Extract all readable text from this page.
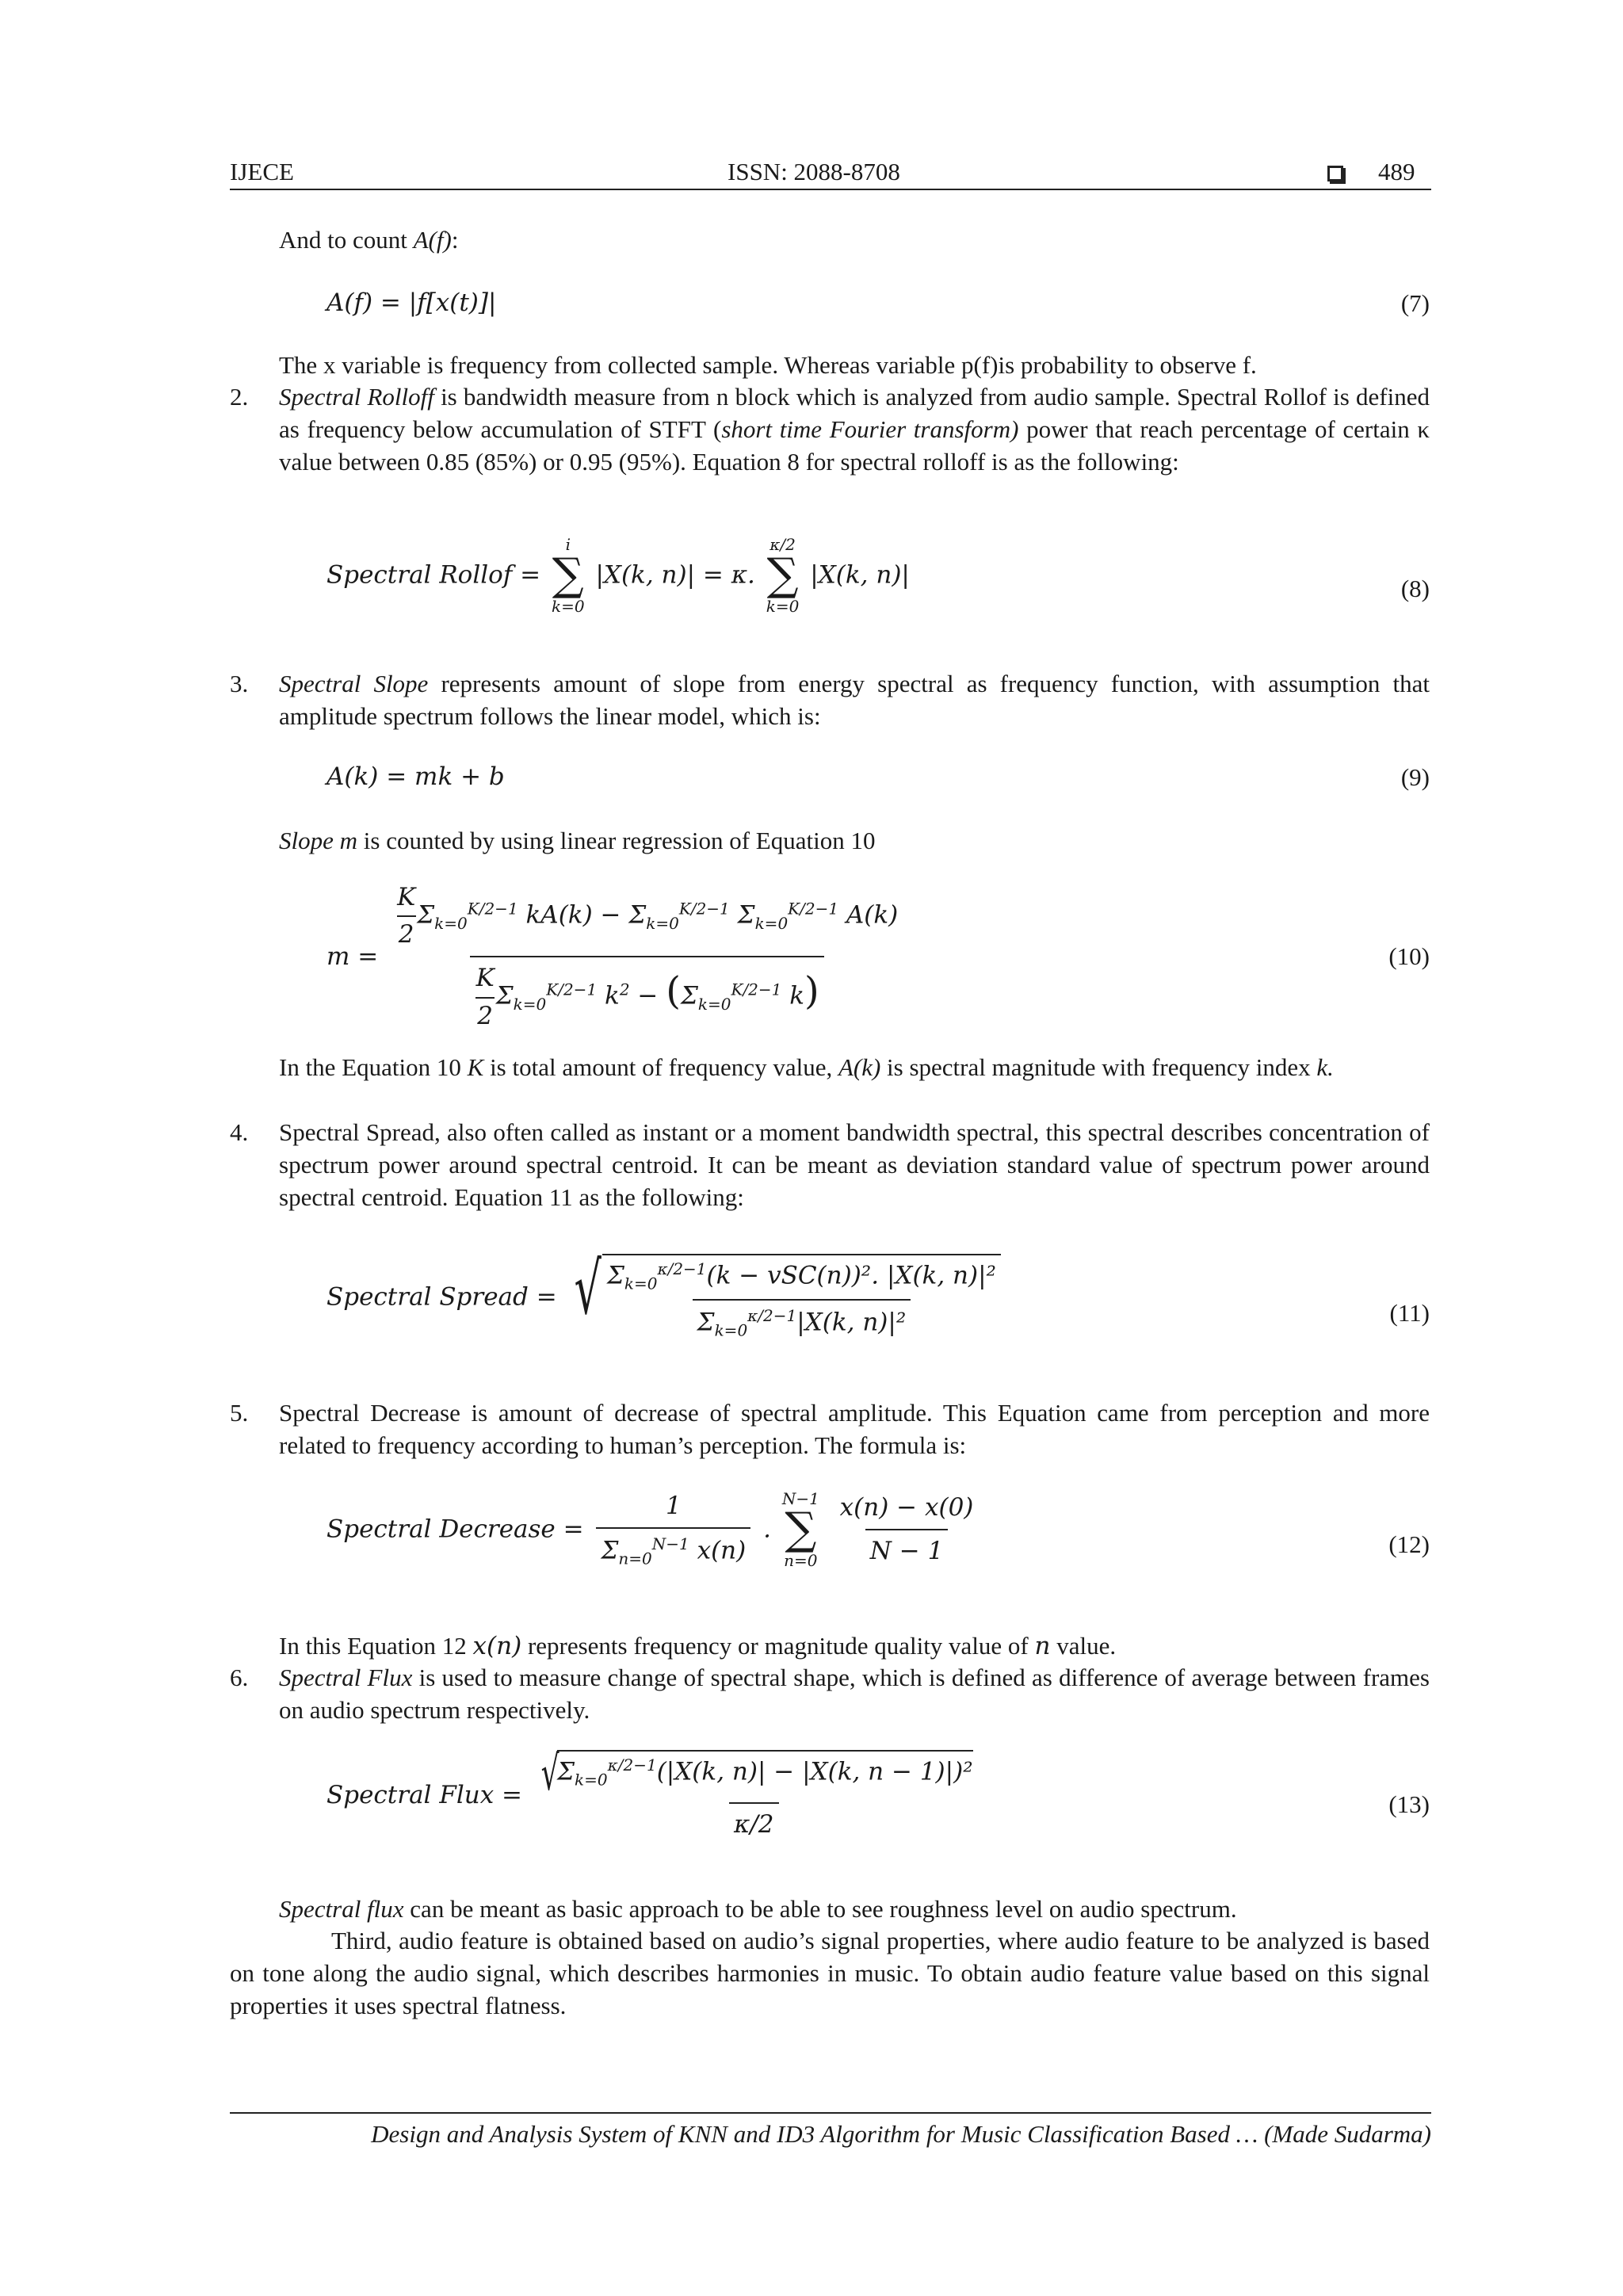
IJECE	ISSN: 2088-8708	489
And to count A(f):
A(f) = |f[x(t)]|	(7)
The x variable is frequency from collected sample. Whereas variable p(f)is probability to observe f.
2. Spectral Rolloff is bandwidth measure from n block which is analyzed from audio sample. Spectral Rollof is defined as frequency below accumulation of STFT (short time Fourier transform) power that reach percentage of certain κ value between 0.85 (85%) or 0.95 (95%). Equation 8 for spectral rolloff is as the following:
Spectral Rollof =
i
∑
k=0
|X(k, n)| = κ.
κ/2
∑
k=0
|X(k, n)|	(8)
3. Spectral Slope represents amount of slope from energy spectral as frequency function, with assumption that amplitude spectrum follows the linear model, which is:
A(k) = mk + b	(9)
Slope m is counted by using linear regression of Equation 10
$m = \frac{\frac{K}{2} \Sigma_{k=0}^{K/2-1} kA(k) - \Sigma_{k=0}^{K/2-1} \Sigma_{k=0}^{K/2-1} A(k)}{\frac{K}{2} \Sigma_{k=0}^{K/2-1} k^2 - (\Sigma_{k=0}^{K/2-1} k)}$	(10)
In the Equation 10 K is total amount of frequency value, A(k) is spectral magnitude with frequency index k.
4. Spectral Spread, also often called as instant or a moment bandwidth spectral, this spectral describes concentration of spectrum power around spectral centroid. It can be meant as deviation standard value of spectrum power around spectral centroid. Equation 11 as the following:
Spectral Spread = √ $\frac{\Sigma_{k=0}^{\kappa/2-1}(k - vSC(n))^2. |X(k, n)|^2}{\Sigma_{k=0}^{\kappa/2-1}|X(k, n)|^2}$	(11)
5. Spectral Decrease is amount of decrease of spectral amplitude. This Equation came from perception and more related to frequency according to human’s perception. The formula is:
Spectral Decrease = $\frac{1}{\Sigma_{n=0}^{N-1} x(n)}$ .
N−1
∑
n=0
$\frac{x(n) - x(0)}{N - 1}$	(12)
In this Equation 12 x(n) represents frequency or magnitude quality value of n value.
6. Spectral Flux is used to measure change of spectral shape, which is defined as difference of average between frames on audio spectrum respectively.
Spectral Flux = √
$\Sigma_{k=0}^{\kappa/2-1}(|X(k$, n)| − |X(k, n − 1)|)²
κ/2	(13)
Spectral flux can be meant as basic approach to be able to see roughness level on audio spectrum.
Third, audio feature is obtained based on audio’s signal properties, where audio feature to be analyzed is based on tone along the audio signal, which describes harmonies in music. To obtain audio feature value based on this signal properties it uses spectral flatness.
Design and Analysis System of KNN and ID3 Algorithm for Music Classification Based … (Made Sudarma)
